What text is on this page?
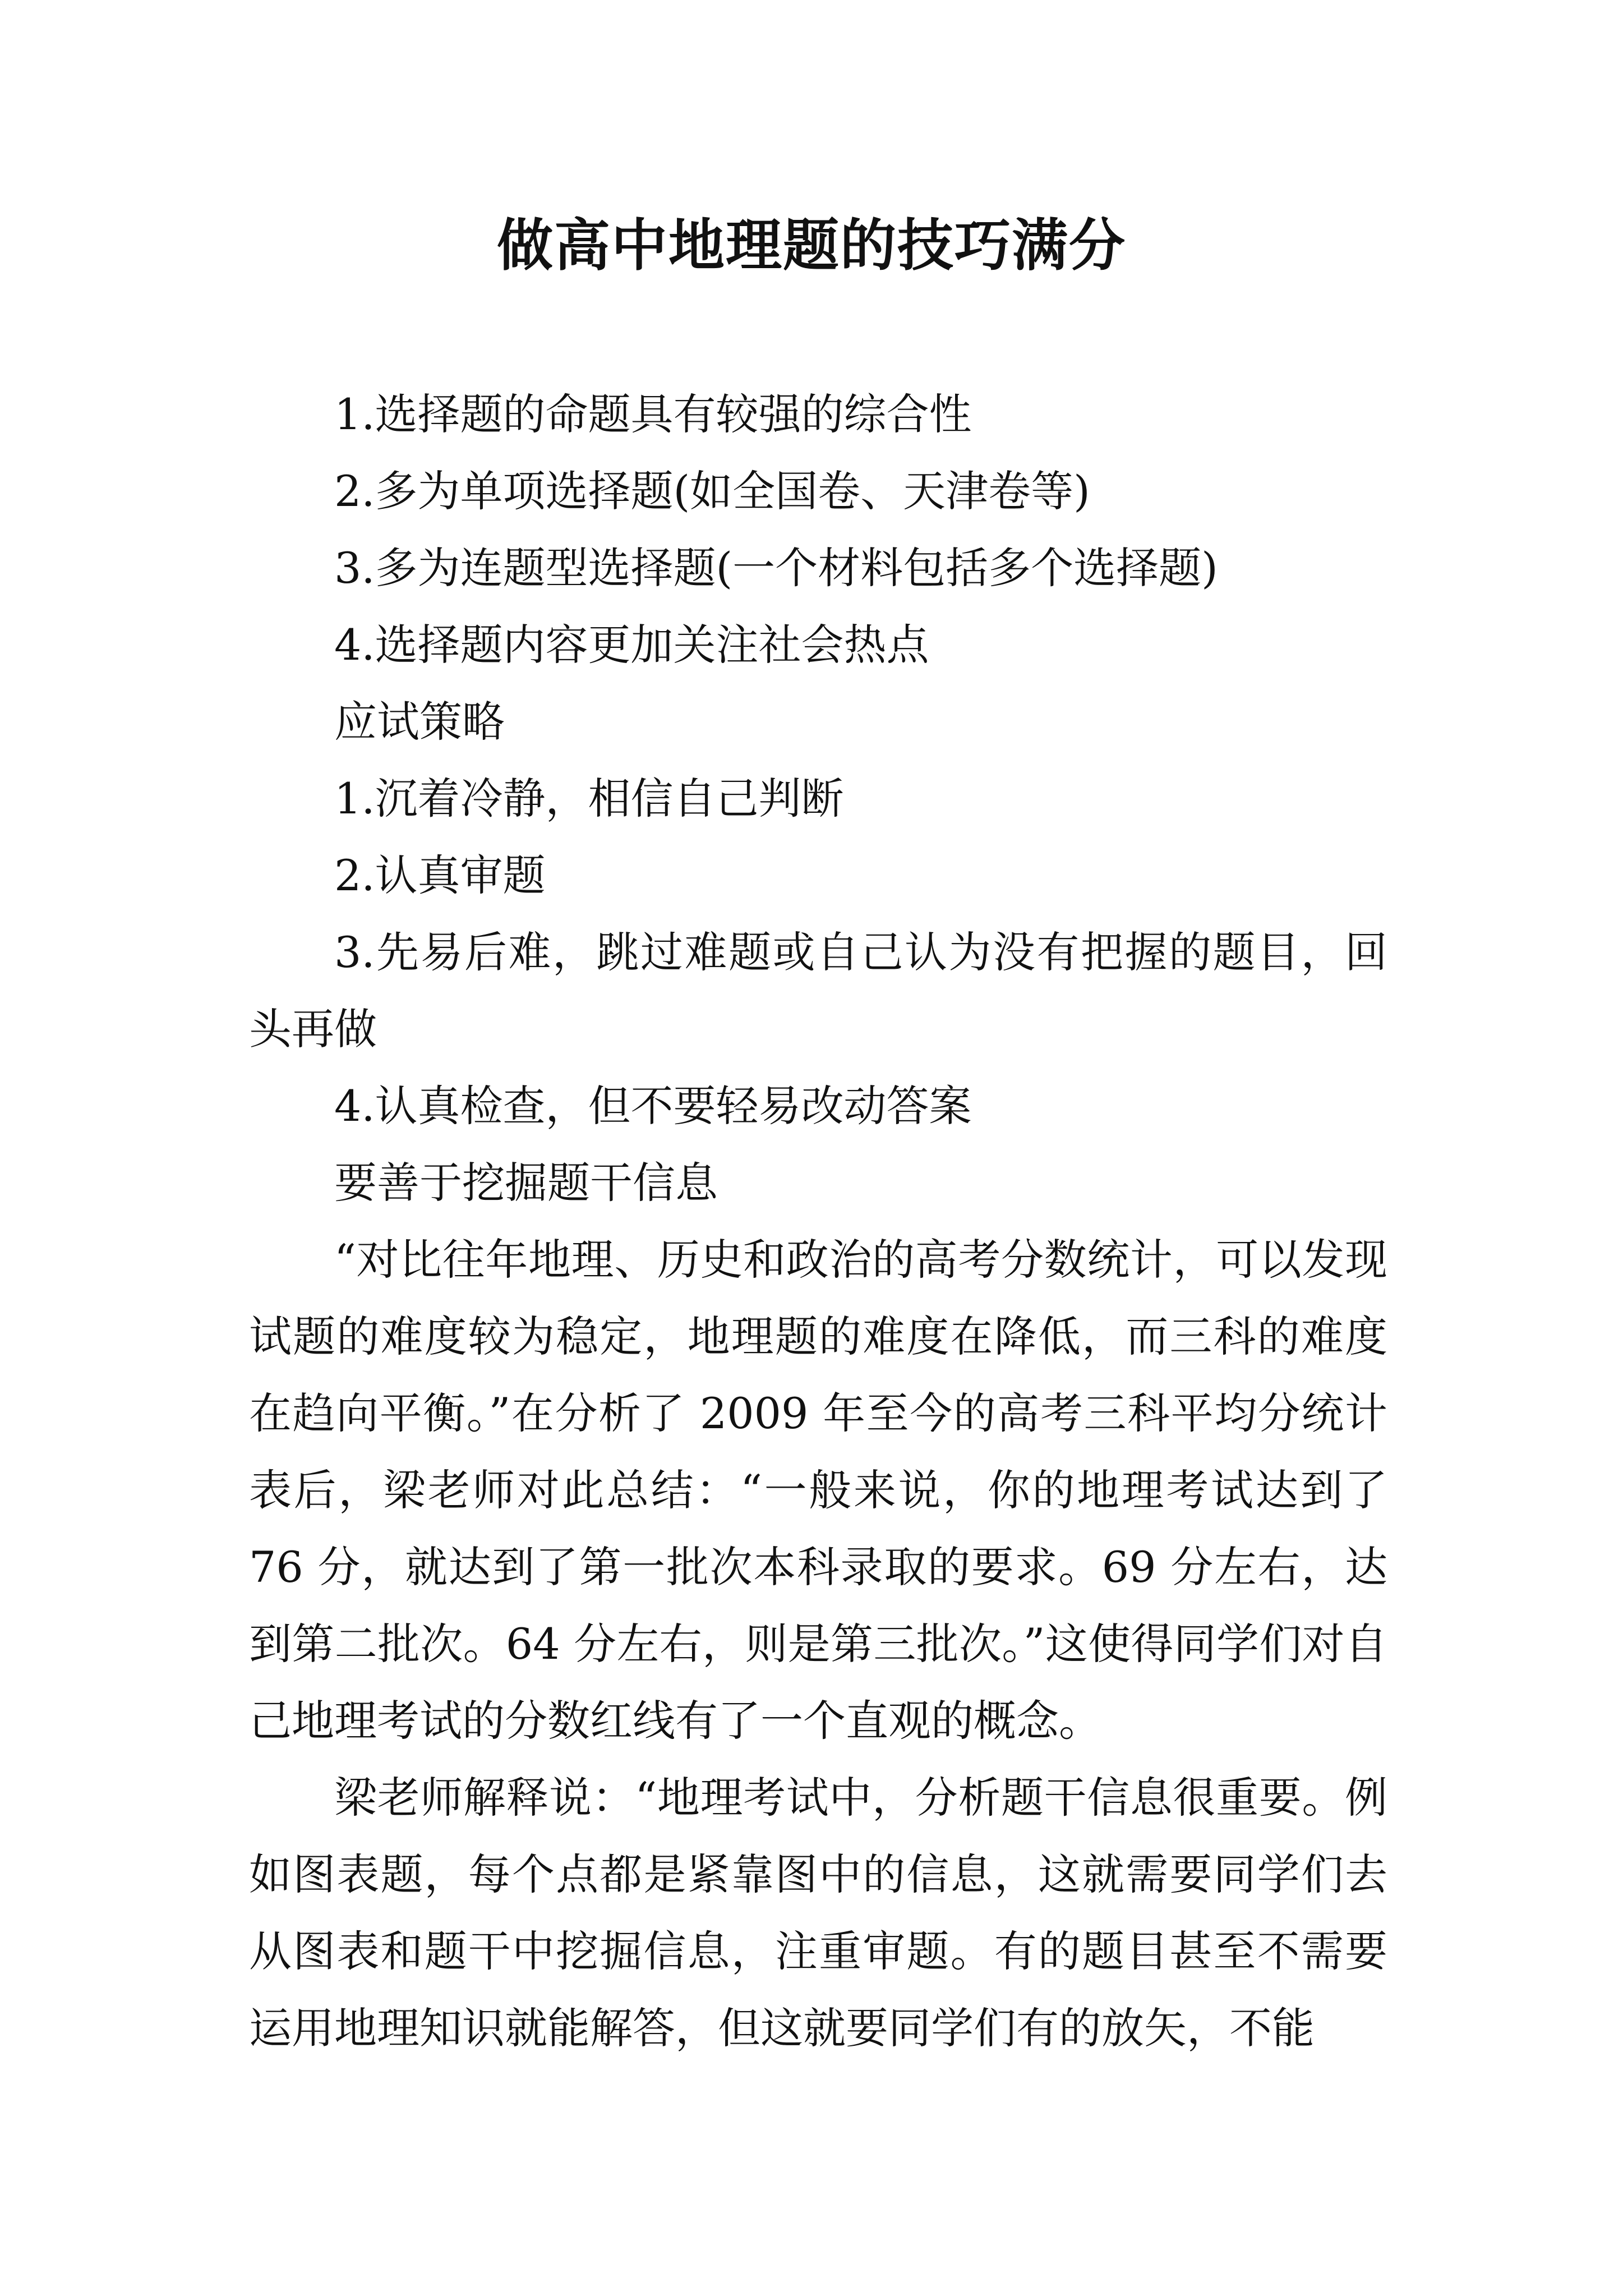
做高中地理题的技巧满分

1.选择题的命题具有较强的综合性

2.多为单项选择题(如全国卷、天津卷等)

3.多为连题型选择题(一个材料包括多个选择题)

4.选择题内容更加关注社会热点

应试策略

1.沉着冷静，相信自己判断

2.认真审题

3.先易后难，跳过难题或自己认为没有把握的题目，回头再做

4.认真检查，但不要轻易改动答案

要善于挖掘题干信息

“对比往年地理、历史和政治的高考分数统计，可以发现试题的难度较为稳定，地理题的难度在降低，而三科的难度在趋向平衡。”在分析了 2009 年至今的高考三科平均分统计表后，梁老师对此总结：“一般来说，你的地理考试达到了 76 分，就达到了第一批次本科录取的要求。69 分左右，达到第二批次。64 分左右，则是第三批次。”这使得同学们对自己地理考试的分数红线有了一个直观的概念。

梁老师解释说：“地理考试中，分析题干信息很重要。例如图表题，每个点都是紧靠图中的信息，这就需要同学们去从图表和题干中挖掘信息，注重审题。有的题目甚至不需要运用地理知识就能解答，但这就要同学们有的放矢，不能
